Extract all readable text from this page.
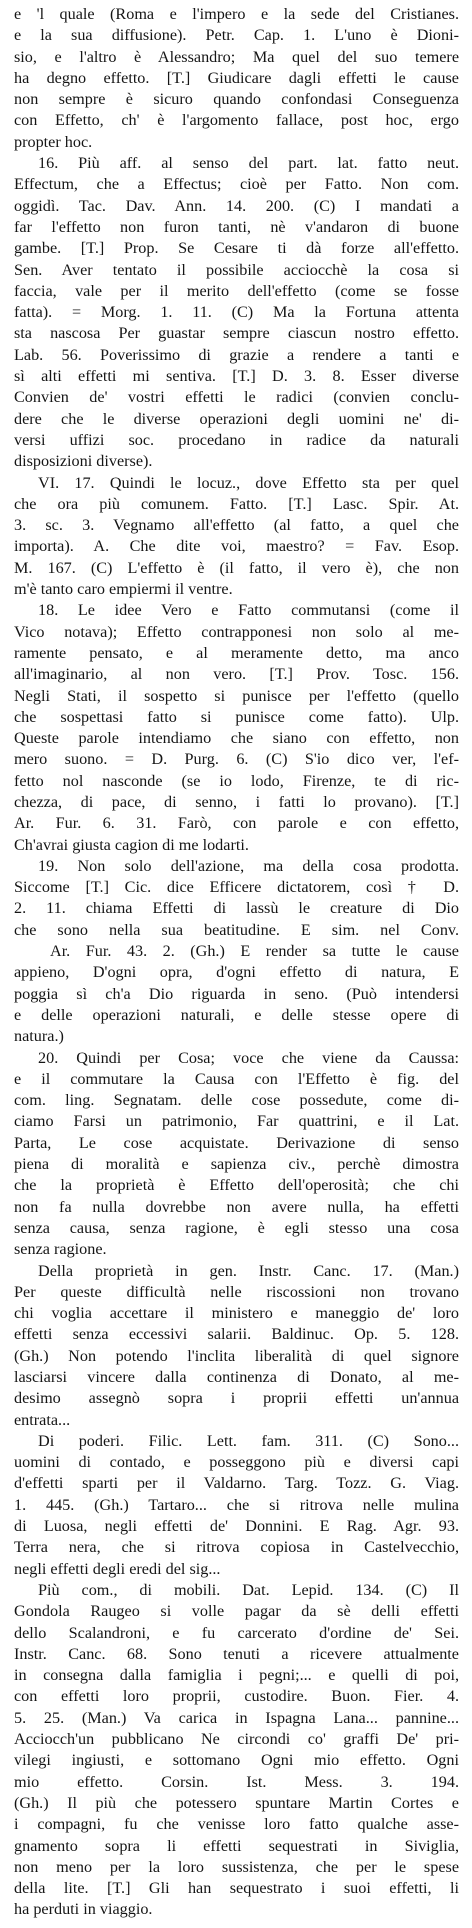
e 'l quale (Roma e l'impero e la sede del Cristianes.
e la sua diffusione). Petr. Cap. 1. L'uno è Dioni-
sio, e l'altro è Alessandro; Ma quel del suo temere
ha degno effetto. [T.] Giudicare dagli effetti le cause
non sempre è sicuro quando confondasi Conseguenza
con Effetto, ch' è l'argomento fallace, post hoc, ergo
propter hoc.
16. Più aff. al senso del part. lat. fatto neut.
Effectum, che a Effectus; cioè per Fatto. Non com.
oggidì. Tac. Dav. Ann. 14. 200. (C) I mandati a
far l'effetto non furon tanti, nè v'andaron di buone
gambe. [T.] Prop. Se Cesare ti dà forze all'effetto.
Sen. Aver tentato il possibile acciocchè la cosa si
faccia, vale per il merito dell'effetto (come se fosse
fatta). = Morg. 1. 11. (C) Ma la Fortuna attenta
sta nascosa Per guastar sempre ciascun nostro effetto.
Lab. 56. Poverissimo di grazie a rendere a tanti e
sì alti effetti mi sentiva. [T.] D. 3. 8. Esser diverse
Convien de' vostri effetti le radici (convien conclu-
dere che le diverse operazioni degli uomini ne' di-
versi uffizi soc. procedano in radice da naturali
disposizioni diverse).
VI. 17. Quindi le locuz., dove Effetto sta per quel
che ora più comunem. Fatto. [T.] Lasc. Spir. At.
3. sc. 3. Vegnamo all'effetto (al fatto, a quel che
importa). A. Che dite voi, maestro? = Fav. Esop.
M. 167. (C) L'effetto è (il fatto, il vero è), che non
m'è tanto caro empiermi il ventre.
18. Le idee Vero e Fatto commutansi (come il
Vico notava); Effetto contrapponesi non solo al me-
ramente pensato, e al meramente detto, ma anco
all'imaginario, al non vero. [T.] Prov. Tosc. 156.
Negli Stati, il sospetto si punisce per l'effetto (quello
che sospettasi fatto si punisce come fatto). Ulp.
Queste parole intendiamo che siano con effetto, non
mero suono. = D. Purg. 6. (C) S'io dico ver, l'ef-
fetto nol nasconde (se io lodo, Firenze, te di ric-
chezza, di pace, di senno, i fatti lo provano). [T.]
Ar. Fur. 6. 31. Farò, con parole e con effetto,
Ch'avrai giusta cagion di me lodarti.
19. Non solo dell'azione, ma della cosa prodotta.
Siccome [T.] Cic. dice Efficere dictatorem, così † D.
2. 11. chiama Effetti di lassù le creature di Dio
che sono nella sua beatitudine. E sim. nel Conv.
Ar. Fur. 43. 2. (Gh.) E render sa tutte le cause
appieno, D'ogni opra, d'ogni effetto di natura, E
poggia sì ch'a Dio riguarda in seno. (Può intendersi
e delle operazioni naturali, e delle stesse opere di
natura.)
20. Quindi per Cosa; voce che viene da Caussa:
e il commutare la Causa con l'Effetto è fig. del
com. ling. Segnatam. delle cose possedute, come di-
ciamo Farsi un patrimonio, Far quattrini, e il Lat.
Parta, Le cose acquistate. Derivazione di senso
piena di moralità e sapienza civ., perchè dimostra
che la proprietà è Effetto dell'operosità; che chi
non fa nulla dovrebbe non avere nulla, ha effetti
senza causa, senza ragione, è egli stesso una cosa
senza ragione.
Della proprietà in gen. Instr. Canc. 17. (Man.)
Per queste difficultà nelle riscossioni non trovano
chi voglia accettare il ministero e maneggio de' loro
effetti senza eccessivi salarii. Baldinuc. Op. 5. 128.
(Gh.) Non potendo l'inclita liberalità di quel signore
lasciarsi vincere dalla continenza di Donato, al me-
desimo assegnò sopra i proprii effetti un'annua
entrata...
Di poderi. Filic. Lett. fam. 311. (C) Sono...
uomini di contado, e posseggono più e diversi capi
d'effetti sparti per il Valdarno. Targ. Tozz. G. Viag.
1. 445. (Gh.) Tartaro... che si ritrova nelle mulina
di Luosa, negli effetti de' Donnini. E Rag. Agr. 93.
Terra nera, che si ritrova copiosa in Castelvecchio,
negli effetti degli eredi del sig...
Più com., di mobili. Dat. Lepid. 134. (C) Il
Gondola Raugeo si volle pagar da sè delli effetti
dello Scalandroni, e fu carcerato d'ordine de' Sei.
Instr. Canc. 68. Sono tenuti a ricevere attualmente
in consegna dalla famiglia i pegni;... e quelli di poi,
con effetti loro proprii, custodire. Buon. Fier. 4.
5. 25. (Man.) Va carica in Ispagna Lana... pannine...
Acciocch'un pubblicano Ne circondi co' graffi De' pri-
vilegi ingiusti, e sottomano Ogni mio effetto. Ogni
mio effetto. Corsin. Ist. Mess. 3. 194.
(Gh.) Il più che potessero spuntare Martin Cortes e
i compagni, fu che venisse loro fatto qualche asse-
gnamento sopra li effetti sequestrati in Siviglia,
non meno per la loro sussistenza, che per le spese
della lite. [T.] Gli han sequestrato i suoi effetti, li
ha perduti in viaggio.
